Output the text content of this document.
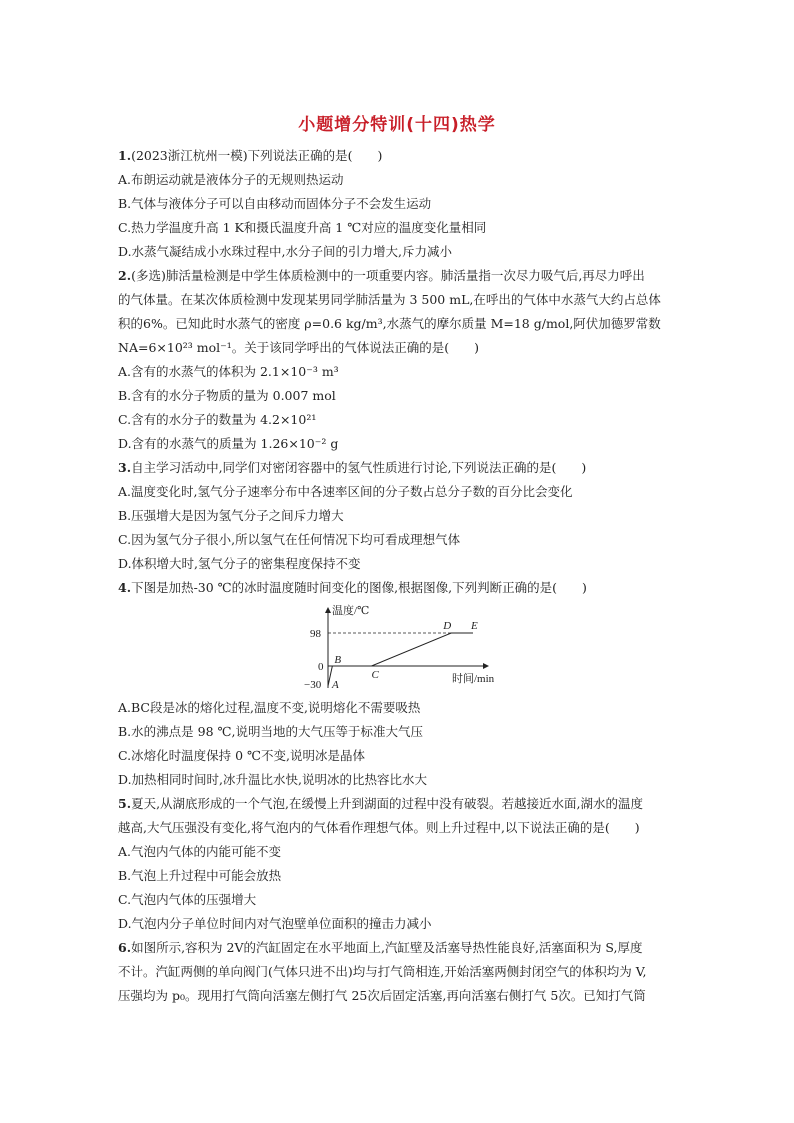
小题增分特训(十四)热学
1.(2023浙江杭州一模)下列说法正确的是(　　)
A.布朗运动就是液体分子的无规则热运动
B.气体与液体分子可以自由移动而固体分子不会发生运动
C.热力学温度升高 1 K和摄氏温度升高 1 ℃对应的温度变化量相同
D.水蒸气凝结成小水珠过程中,水分子间的引力增大,斥力减小
2.(多选)肺活量检测是中学生体质检测中的一项重要内容。肺活量指一次尽力吸气后,再尽力呼出
的气体量。在某次体质检测中发现某男同学肺活量为 3 500 mL,在呼出的气体中水蒸气大约占总体
积的6%。已知此时水蒸气的密度 ρ=0.6 kg/m³,水蒸气的摩尔质量 M=18 g/mol,阿伏加德罗常数
NA=6×10²³ mol⁻¹。关于该同学呼出的气体说法正确的是(　　)
A.含有的水蒸气的体积为 2.1×10⁻³ m³
B.含有的水分子物质的量为 0.007 mol
C.含有的水分子的数量为 4.2×10²¹
D.含有的水蒸气的质量为 1.26×10⁻² g
3.自主学习活动中,同学们对密闭容器中的氢气性质进行讨论,下列说法正确的是(　　)
A.温度变化时,氢气分子速率分布中各速率区间的分子数占总分子数的百分比会变化
B.压强增大是因为氢气分子之间斥力增大
C.因为氢气分子很小,所以氢气在任何情况下均可看成理想气体
D.体积增大时,氢气分子的密集程度保持不变
4.下图是加热-30 ℃的冰时温度随时间变化的图像,根据图像,下列判断正确的是(　　)
温度/℃
时间/min
98
0
−30 A
B
C
D E
A.BC段是冰的熔化过程,温度不变,说明熔化不需要吸热
B.水的沸点是 98 ℃,说明当地的大气压等于标准大气压
C.冰熔化时温度保持 0 ℃不变,说明冰是晶体
D.加热相同时间时,冰升温比水快,说明冰的比热容比水大
5.夏天,从湖底形成的一个气泡,在缓慢上升到湖面的过程中没有破裂。若越接近水面,湖水的温度
越高,大气压强没有变化,将气泡内的气体看作理想气体。则上升过程中,以下说法正确的是(　　)
A.气泡内气体的内能可能不变
B.气泡上升过程中可能会放热
C.气泡内气体的压强增大
D.气泡内分子单位时间内对气泡壁单位面积的撞击力减小
6.如图所示,容积为 2V的汽缸固定在水平地面上,汽缸壁及活塞导热性能良好,活塞面积为 S,厚度
不计。汽缸两侧的单向阀门(气体只进不出)均与打气筒相连,开始活塞两侧封闭空气的体积均为 V,
压强均为 p₀。现用打气筒向活塞左侧打气 25次后固定活塞,再向活塞右侧打气 5次。已知打气筒
